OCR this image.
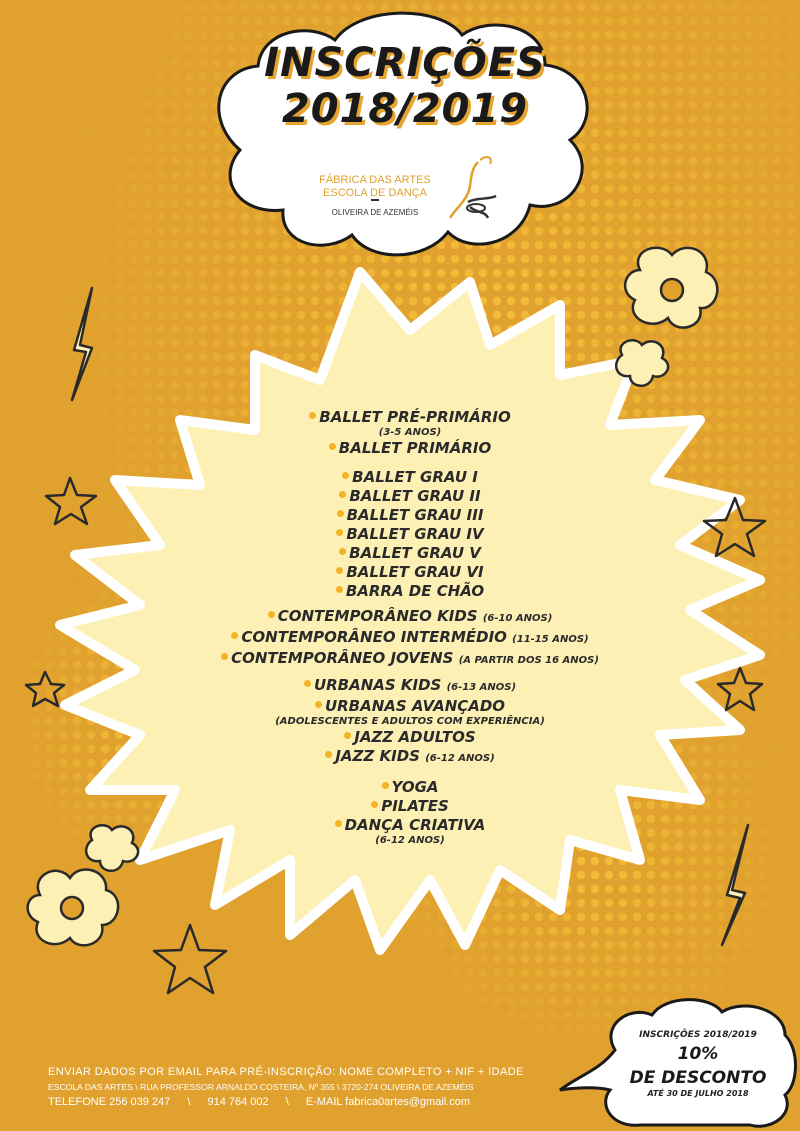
INSCRIÇÕES
2018/2019
FÁBRICA DAS ARTES
ESCOLA DE DANÇA
OLIVEIRA DE AZEMÉIS
BALLET PRÉ-PRIMÁRIO
(3-5 ANOS)
BALLET PRIMÁRIO
BALLET GRAU I
BALLET GRAU II
BALLET GRAU III
BALLET GRAU IV
BALLET GRAU V
BALLET GRAU VI
BARRA DE CHÃO
CONTEMPORÂNEO KIDS (6-10 ANOS)
CONTEMPORÂNEO INTERMÉDIO (11-15 ANOS)
CONTEMPORÂNEO JOVENS (A PARTIR DOS 16 ANOS)
URBANAS KIDS (6-13 ANOS)
URBANAS AVANÇADO
(ADOLESCENTES E ADULTOS COM EXPERIÊNCIA)
JAZZ ADULTOS
JAZZ KIDS (6-12 ANOS)
YOGA
PILATES
DANÇA CRIATIVA
(6-12 ANOS)
ENVIAR DADOS POR EMAIL PARA PRÉ-INSCRIÇÃO: NOME COMPLETO + NIF + IDADE
ESCOLA DAS ARTES \ RUA PROFESSOR ARNALDO COSTEIRA, Nº 355 \ 3720-274 OLIVEIRA DE AZEMÉIS
TELEFONE 256 039 247 \ 914 764 002 \ E-MAIL fabrica0artes@gmail.com
INSCRIÇÕES 2018/2019
10%
DE DESCONTO
ATÉ 30 DE JULHO 2018
